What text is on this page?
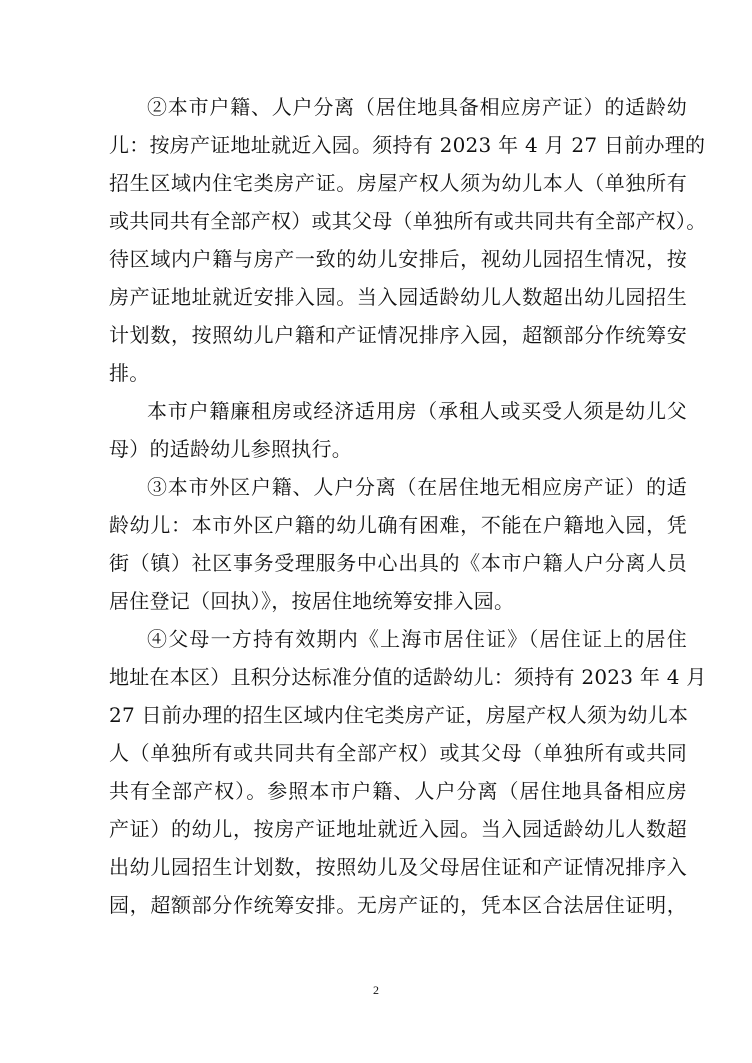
②本市户籍、人户分离（居住地具备相应房产证）的适龄幼
儿：按房产证地址就近入园。须持有 2023 年 4 月 27 日前办理的
招生区域内住宅类房产证。房屋产权人须为幼儿本人（单独所有
或共同共有全部产权）或其父母（单独所有或共同共有全部产权）。
待区域内户籍与房产一致的幼儿安排后，视幼儿园招生情况，按
房产证地址就近安排入园。当入园适龄幼儿人数超出幼儿园招生
计划数，按照幼儿户籍和产证情况排序入园，超额部分作统筹安
排。
本市户籍廉租房或经济适用房（承租人或买受人须是幼儿父
母）的适龄幼儿参照执行。
③本市外区户籍、人户分离（在居住地无相应房产证）的适
龄幼儿：本市外区户籍的幼儿确有困难，不能在户籍地入园，凭
街（镇）社区事务受理服务中心出具的《本市户籍人户分离人员
居住登记（回执）》，按居住地统筹安排入园。
④父母一方持有效期内《上海市居住证》（居住证上的居住
地址在本区）且积分达标准分值的适龄幼儿：须持有 2023 年 4 月
27 日前办理的招生区域内住宅类房产证，房屋产权人须为幼儿本
人（单独所有或共同共有全部产权）或其父母（单独所有或共同
共有全部产权）。参照本市户籍、人户分离（居住地具备相应房
产证）的幼儿，按房产证地址就近入园。当入园适龄幼儿人数超
出幼儿园招生计划数，按照幼儿及父母居住证和产证情况排序入
园，超额部分作统筹安排。无房产证的，凭本区合法居住证明，
2
